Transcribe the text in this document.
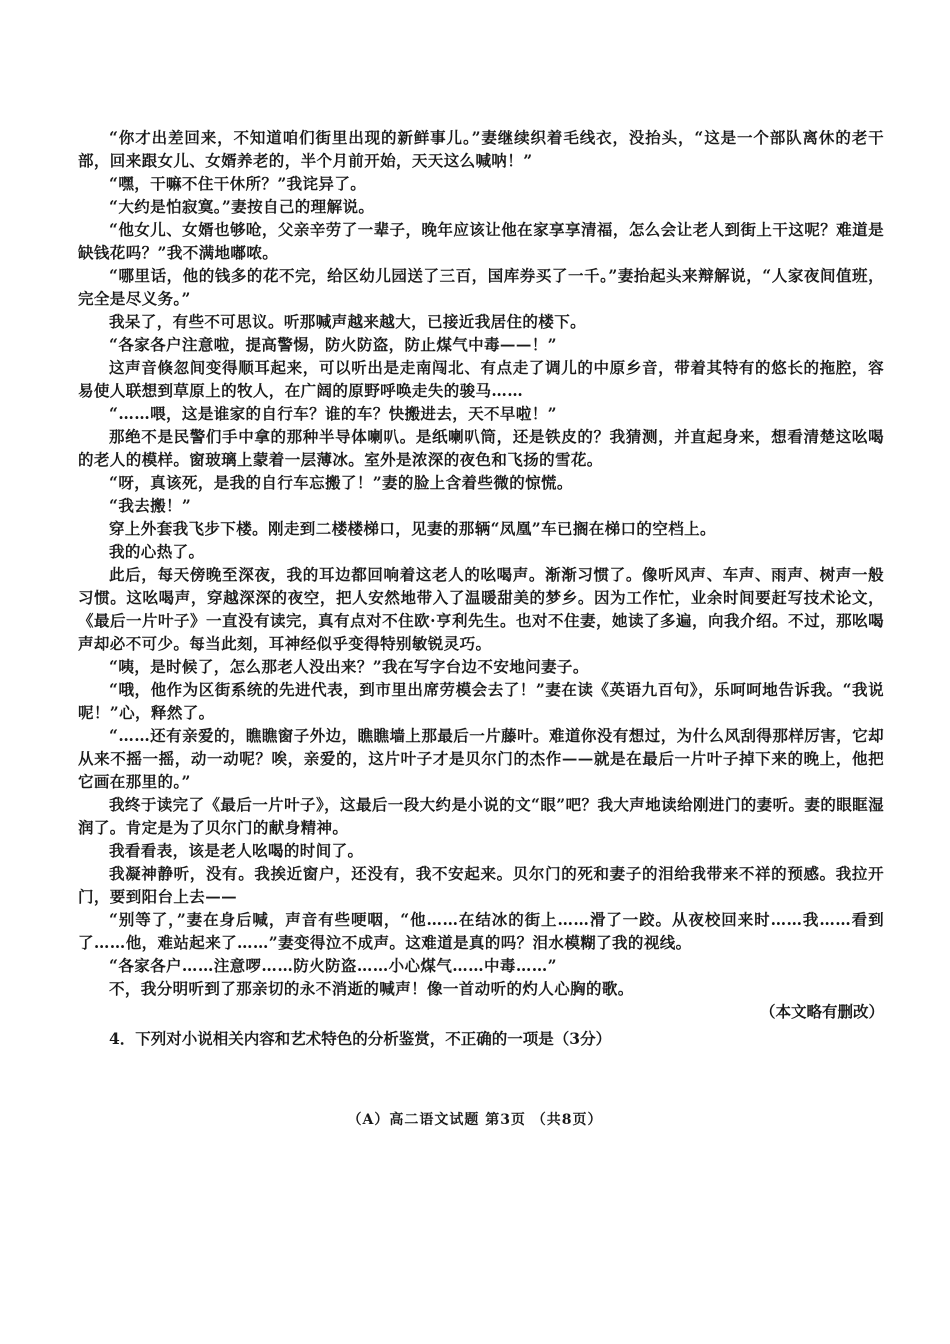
“你才出差回来，不知道咱们街里出现的新鲜事儿。”妻继续织着毛线衣，没抬头，“这是一个部队离休的老干部，回来跟女儿、女婿养老的，半个月前开始，天天这么喊呐！”

“嘿，干嘛不住干休所？”我诧异了。

“大约是怕寂寞。”妻按自己的理解说。

“他女儿、女婿也够呛，父亲辛劳了一辈子，晚年应该让他在家享享清福，怎么会让老人到街上干这呢？难道是缺钱花吗？”我不满地嘟哝。

“哪里话，他的钱多的花不完，给区幼儿园送了三百，国库券买了一千。”妻抬起头来辩解说，“人家夜间值班，完全是尽义务。”

我呆了，有些不可思议。听那喊声越来越大，已接近我居住的楼下。

“各家各户注意啦，提高警惕，防火防盗，防止煤气中毒——！”

这声音倏忽间变得顺耳起来，可以听出是走南闯北、有点走了调儿的中原乡音，带着其特有的悠长的拖腔，容易使人联想到草原上的牧人，在广阔的原野呼唤走失的骏马……

“……喂，这是谁家的自行车？谁的车？快搬进去，天不早啦！”

那绝不是民警们手中拿的那种半导体喇叭。是纸喇叭筒，还是铁皮的？我猜测，并直起身来，想看清楚这吆喝的老人的模样。窗玻璃上蒙着一层薄冰。室外是浓深的夜色和飞扬的雪花。

“呀，真该死，是我的自行车忘搬了！”妻的脸上含着些微的惊慌。

“我去搬！”

穿上外套我飞步下楼。刚走到二楼楼梯口，见妻的那辆“凤凰”车已搁在梯口的空档上。

我的心热了。

此后，每天傍晚至深夜，我的耳边都回响着这老人的吆喝声。渐渐习惯了。像听风声、车声、雨声、树声一般习惯。这吆喝声，穿越深深的夜空，把人安然地带入了温暖甜美的梦乡。因为工作忙，业余时间要赶写技术论文，《最后一片叶子》一直没有读完，真有点对不住欧·亨利先生。也对不住妻，她读了多遍，向我介绍。不过，那吆喝声却必不可少。每当此刻，耳神经似乎变得特别敏锐灵巧。

“咦，是时候了，怎么那老人没出来？”我在写字台边不安地问妻子。

“哦，他作为区街系统的先进代表，到市里出席劳模会去了！”妻在读《英语九百句》，乐呵呵地告诉我。“我说呢！”心，释然了。

“……还有亲爱的，瞧瞧窗子外边，瞧瞧墙上那最后一片藤叶。难道你没有想过，为什么风刮得那样厉害，它却从来不摇一摇，动一动呢？唉，亲爱的，这片叶子才是贝尔门的杰作——就是在最后一片叶子掉下来的晚上，他把它画在那里的。”

我终于读完了《最后一片叶子》，这最后一段大约是小说的文“眼”吧？我大声地读给刚进门的妻听。妻的眼眶湿润了。肯定是为了贝尔门的献身精神。

我看看表，该是老人吆喝的时间了。

我凝神静听，没有。我挨近窗户，还没有，我不安起来。贝尔门的死和妻子的泪给我带来不祥的预感。我拉开门，要到阳台上去——

“别等了，”妻在身后喊，声音有些哽咽，“他……在结冰的街上……滑了一跤。从夜校回来时……我……看到了……他，难站起来了……”妻变得泣不成声。这难道是真的吗？泪水模糊了我的视线。

“各家各户……注意啰……防火防盗……小心煤气……中毒……”

不，我分明听到了那亲切的永不消逝的喊声！像一首动听的灼人心胸的歌。

（本文略有删改）

4．下列对小说相关内容和艺术特色的分析鉴赏，不正确的一项是（3分）

（A）高二语文试题 第3页 （共8页）
